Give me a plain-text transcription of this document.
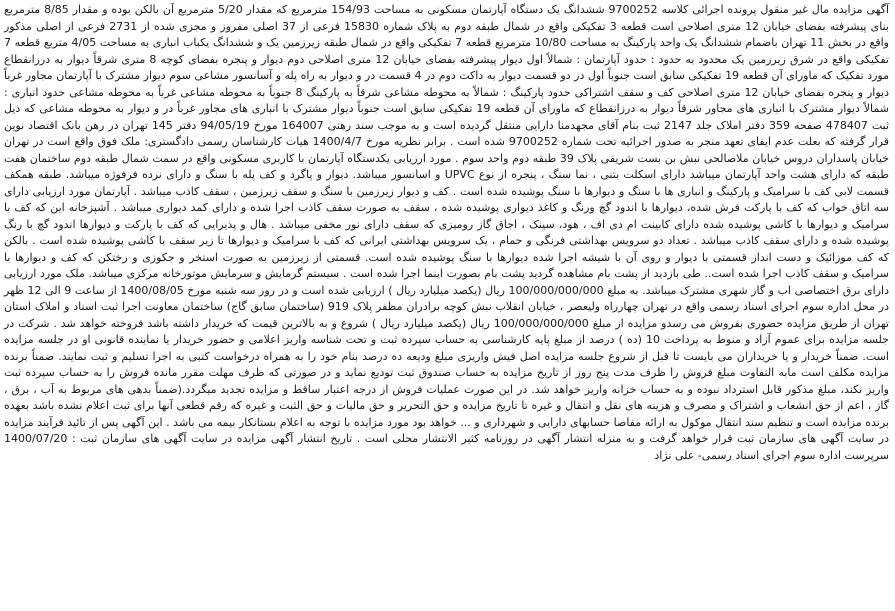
آگهی مزایده مال غیر منقول پرونده اجرائی کلاسه 9700252 ششدانگ یک دستگاه آپارتمان مسکونی به مساحت 154/93 مترمربع که مقدار 5/20 مترمربع آن بالکن بوده و مقدار 8/85 مترمربع بنای پیشرفته بفضای خیابان 12 متری اصلاحی است قطعه 3 تفکیکی واقع در شمال طبقه دوم به پلاک شماره 15830 فرعی از 37 اصلی مفروز و مجزی شده از 2731 فرعی از اصلی مذکور واقع در بخش 11 تهران باضمام ششدانگ یک واحد پارکینگ به مساحت 10/80 مترمربع قطعه 7 تفکیکی واقع در شمال طبقه زیرزمین یک و ششدانگ یکباب انباری به مساحت 4/05 متربع قطعه 7 تفکیکی واقع در شرق زیرزمین یک محدود به حدود : حدود آپارتمان : شمالاً اول دیوار پیشرفته بفضای خیابان 12 متری اصلاحی دوم دیوار و پنجره بفضای کوچه 8 متری شرقاً دیوار به درزانقطاع مورد تفکیک که ماورای آن قطعه 19 تفکیکی سابق است جنوباً اول در دو قسمت دیوار به داکت دوم در 4 قسمت در و دیوار به راه پله و آسانسور مشاعی سوم دیوار مشترک با آپارتمان مجاور غرباً دیوار و پنجره بفضای خیابان 12 متری اصلاحی کف و سقف اشتراکی حدود پارکینگ : شمالاً به محوطه مشاعی شرقاً به پارکینگ 8 جنوباً به محوطه مشاعی غرباً به محوطه مشاعی حدود انباری : شمالاً دیوار مشترک با انباری های مجاور شرقاً دیوار به درزانقطاع که ماورای آن قطعه 19 تفکیکی سابق است جنوباً دیوار مشترک با انباری های مجاور غرباً در و دیوار به محوطه مشاعی که ذیل ثبت 478407 صفحه 359 دفتر املاک جلد 2147 ثبت بنام آقای مجهدمنا دارایی منتقل گردیده است و به موجب سند رهنی 164007 مورخ 94/05/19 دفتر 145 تهران در رهن بانک اقتصاد نوین قرار گرفته که بعلت عدم ایفای تعهد منجر به صدور اجرائیه تحت شماره 9700252 شده است . برابر نظریه مورخ 1400/4/7 هیات کارشناسان رسمی دادگستری: ملک فوق واقع است در تهران خیابان پاسداران دروس خیابان ملاصالحی نبش بن بست شریفی پلاک 39 طبقه دوم واحد سوم . مورد ارزیابی یکدستگاه آپارتمان با کاربری مسکونی واقع در سمت شمال طبقه دوم ساختمان هفت طبقه که دارای هشت واحد آپارتمان میباشد دارای اسکلت بتنی ، نما سنگ ، پنجره از نوع UPVC و اسانسور میباشد. دیوار و پاگرد و کف پله با سنگ و دارای نرده فرفوژه میباشد. طبقه همکف قسمت لابی کف با سرامیک و پارکینگ و انباری ها با سنگ و دیوارها با سنگ پوشیده شده است . کف و دیوار زیرزمین با سنگ و سقف زیرزمین ، سقف کاذب میباشد . آپارتمان مورد ارزیابی دارای سه اتاق خواب که کف با پارکت فرش شده، دیوارها با اندود گچ ورنگ و کاغذ دیواری پوشیده شده ، سقف به صورت سقف کاذب اجرا شده و دارای کمد دیواری میباشد . آشپزخانه این که کف با سرامیک و دیوارها با کاشی پوشیده شده دارای کابینت ام دی اف ، هود، سینک ، اجاق گاز رومیزی که سقف دارای نور مخفی میباشد . هال و پذیرایی که کف با پارکت و دیوارها اندود گچ با رنگ پوشیده شده و دارای سقف کاذب میباشد . تعداد دو سرویس بهداشتی فرنگی و حمام ، یک سرویس بهداشتی ایرانی که کف با سرامیک و دیوارها تا زیر سقف با کاشی پوشیده شده است . بالکن که کف موزائیک و دست انداز قسمتی با دیوار و روی آن با شیشه اجرا شده دیوارها با سنگ پوشیده شده است. قسمتی از زیرزمین به صورت استخر و جکوزی و رختکن که کف و دیوارها با سرامیک و سقف کاذب اجرا شده است.. طی بازدید از پشت بام مشاهده گردید پشت بام بصورت اینما اجرا شده است . سیستم گرمایش و سرمایش موتورخانه مرکزی میباشد. ملک مورد ارزیابی دارای برق اختصاصی اب و گاز شهری مشترک میباشد. به مبلغ 100/000/000/000 ریال (یکصد میلیارد ریال ) ارزیابی شده است و در روز سه شنبه مورخ 1400/08/05 از ساعت 9 الی 12 ظهر در محل اداره سوم اجرای اسناد رسمی واقع در تهران چهارراه ولیعصر ، خیابان انقلاب نبش کوچه برادران مظفر پلاک 919 (ساختمان سابق گاج) ساختمان معاونت اجرا ثبت اسناد و املاک استان تهران از طریق مزایده حضوری بفروش می رسدو مزایده از مبلغ 100/000/000/000 ریال (یکصد میلیارد ریال ) شروع و به بالاترین قیمت که خریدار داشته باشد فروخته خواهد شد . شرکت در جلسه مزایده برای عموم آزاد و منوط به پرداخت 10 (ده ) درصد از مبلغ پایه کارشناسی به حساب سپرده ثبت و تحت شناسه واریز اعلامی و حضور خریدار یا نماینده قانونی او در جلسه مزایده است. ضمناً خریدار و یا خریداران می بایست تا قبل از شروع جلسه مزایده اصل فیش واریزی مبلغ ودیعه ده درصد بنام خود را به همراه درخواست کتبی به اجرا تسلیم و ثبت نمایند. ضمناً برنده مزایده مکلف است مابه التفاوت مبلغ فروش را ظرف مدت پنج روز از تاریخ مزایده به حساب صندوق ثبت تودیع نماید و در صورتی که ظرف مهلت مقرر مانده فروش را به حساب سپرده ثبت واریز نکند، مبلغ مذکور قابل استرداد نبوده و به حساب خزانه واریز خواهد شد. در این صورت عملیات فروش از درجه اعتبار ساقط و مزایده تجدید میگردد.(ضمناً بدهی های مربوط به آب ، برق ، گاز ، اعم از حق انشعاب و اشتراک و مصرف و هزینه های نقل و انتقال و غیره تا تاریخ مزایده و حق التحریر و حق مالیات و حق الثبت و غیره که رقم قطعی آنها برای ثبت اعلام نشده باشد بعهده برنده مزایده است و تنظیم سند انتقال موکول به ارائه مفاصا حسابهای دارایی و شهرداری و ... خواهد بود مورد مزایده با توجه به اعلام بستانکار بیمه می باشد . این آگهی پس از تائید فرآیند مزایده در سایت آگهی های سازمان ثبت قرار خواهد گرفت و به منزله انتشار آگهی در روزنامه کثیر الانتشار محلی است . تاریخ انتشار آگهی مزایده در سایت آگهی های سازمان ثبت : 1400/07/20 سرپرست اداره سوم اجرای اسناد رسمی- علی نژاد
